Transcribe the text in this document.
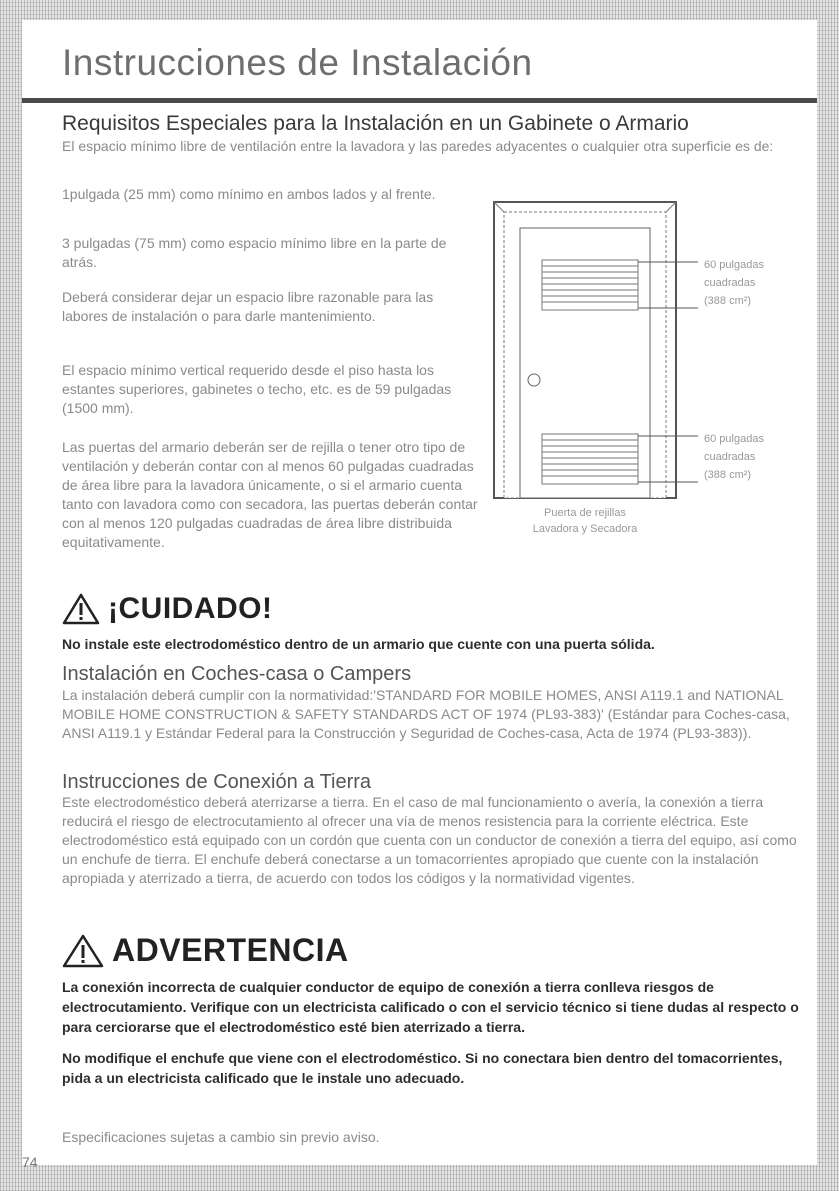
Instrucciones de Instalación
Requisitos Especiales para la Instalación en un Gabinete o Armario

El espacio mínimo libre de ventilación entre la lavadora y las paredes adyacentes o cualquier otra superficie es de:

1pulgada (25 mm) como mínimo en ambos lados y al frente.

3 pulgadas (75 mm) como espacio mínimo libre en la parte de atrás.

Deberá considerar dejar un espacio libre razonable para las labores de instalación o para darle mantenimiento.

El espacio mínimo vertical requerido desde el piso hasta los estantes superiores, gabinetes o techo, etc. es de 59 pulgadas (1500 mm).

Las puertas del armario deberán ser de rejilla o tener otro tipo de ventilación y deberán contar con al menos 60 pulgadas cuadradas de área libre para la lavadora únicamente, o si el armario cuenta tanto con lavadora como con secadora, las puertas deberán contar con al menos 120 pulgadas cuadradas de área libre distribuida equitativamente.

60 pulgadas
cuadradas
(388 cm²)
60 pulgadas
cuadradas
(388 cm²)
Puerta de rejillas
Lavadora y Secadora
¡CUIDADO!

No instale este electrodoméstico dentro de un armario que cuente con una puerta sólida.

Instalación en Coches-casa o Campers

La instalación deberá cumplir con la normatividad:'STANDARD FOR MOBILE HOMES, ANSI A119.1 and NATIONAL MOBILE HOME CONSTRUCTION & SAFETY STANDARDS ACT OF 1974 (PL93-383)' (Estándar para Coches-casa, ANSI A119.1 y Estándar Federal para la Construcción y Seguridad de Coches-casa, Acta de 1974 (PL93-383)).

Instrucciones de Conexión a Tierra

Este electrodoméstico deberá aterrizarse a tierra. En el caso de mal funcionamiento o avería, la conexión a tierra reducirá el riesgo de electrocutamiento al ofrecer una vía de menos resistencia para la corriente eléctrica. Este electrodoméstico está equipado con un cordón que cuenta con un conductor de conexión a tierra del equipo, así como un enchufe de tierra. El enchufe deberá conectarse a un tomacorrientes apropiado que cuente con la instalación apropiada y aterrizado a tierra, de acuerdo con todos los códigos y la normatividad vigentes.

ADVERTENCIA

La conexión incorrecta de cualquier conductor de equipo de conexión a tierra conlleva riesgos de electrocutamiento. Verifique con un electricista calificado o con el servicio técnico si tiene dudas al respecto o para cerciorarse que el electrodoméstico esté bien aterrizado a tierra.

No modifique el enchufe que viene con el electrodoméstico. Si no conectara bien dentro del tomacorrientes, pida a un electricista calificado que le instale uno adecuado.

Especificaciones sujetas a cambio sin previo aviso.

74
